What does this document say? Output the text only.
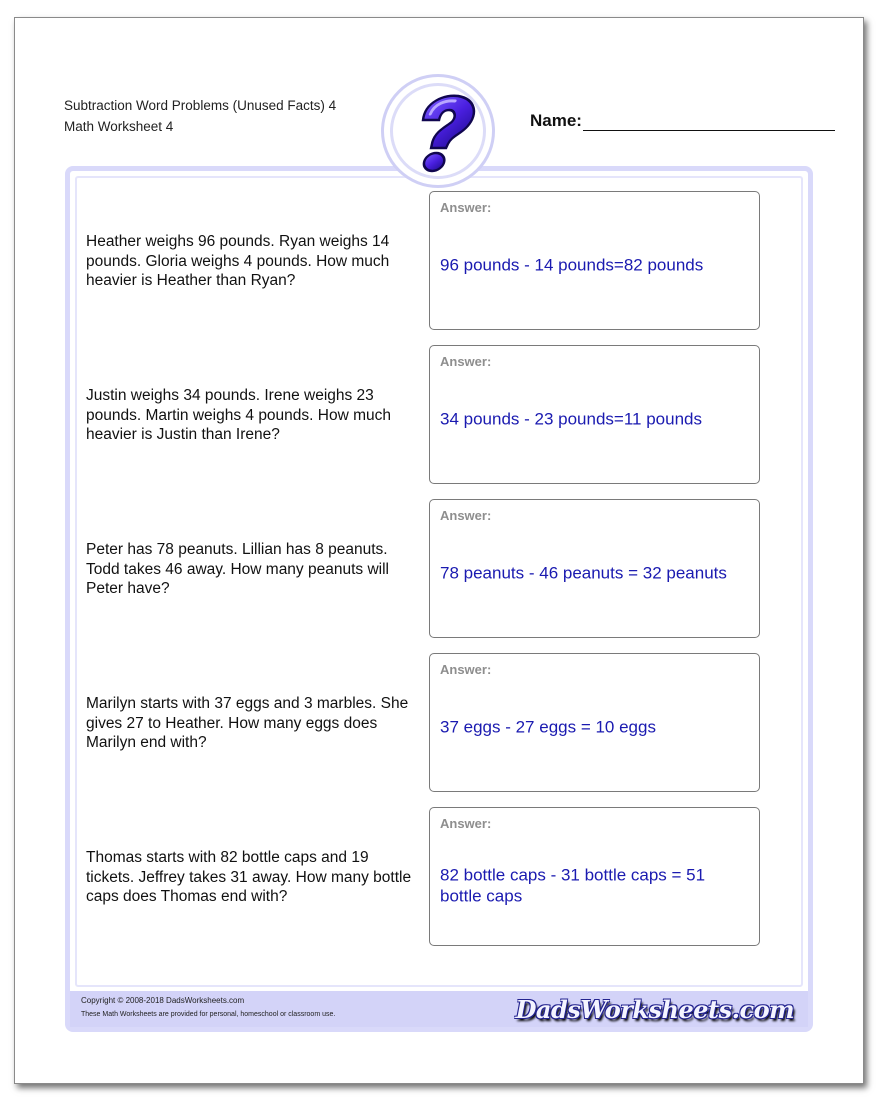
Subtraction Word Problems (Unused Facts) 4
Math Worksheet 4	Name:
Copyright © 2008-2018 DadsWorksheets.com
These Math Worksheets are provided for personal, homeschool or classroom use.	DadsWorksheets.com
Heather weighs 96 pounds. Ryan weighs 14 pounds. Gloria weighs 4 pounds. How much heavier is Heather than Ryan?
Answer:
96 pounds - 14 pounds=82 pounds
Justin weighs 34 pounds. Irene weighs 23 pounds. Martin weighs 4 pounds. How much heavier is Justin than Irene?
Answer:
34 pounds - 23 pounds=11 pounds
Peter has 78 peanuts. Lillian has 8 peanuts. Todd takes 46 away. How many peanuts will Peter have?
Answer:
78 peanuts - 46 peanuts = 32 peanuts
Marilyn starts with 37 eggs and 3 marbles. She gives 27 to Heather. How many eggs does Marilyn end with?
Answer:
37 eggs - 27 eggs = 10 eggs
Thomas starts with 82 bottle caps and 19 tickets. Jeffrey takes 31 away. How many bottle caps does Thomas end with?
Answer:
82 bottle caps - 31 bottle caps = 51 bottle caps
